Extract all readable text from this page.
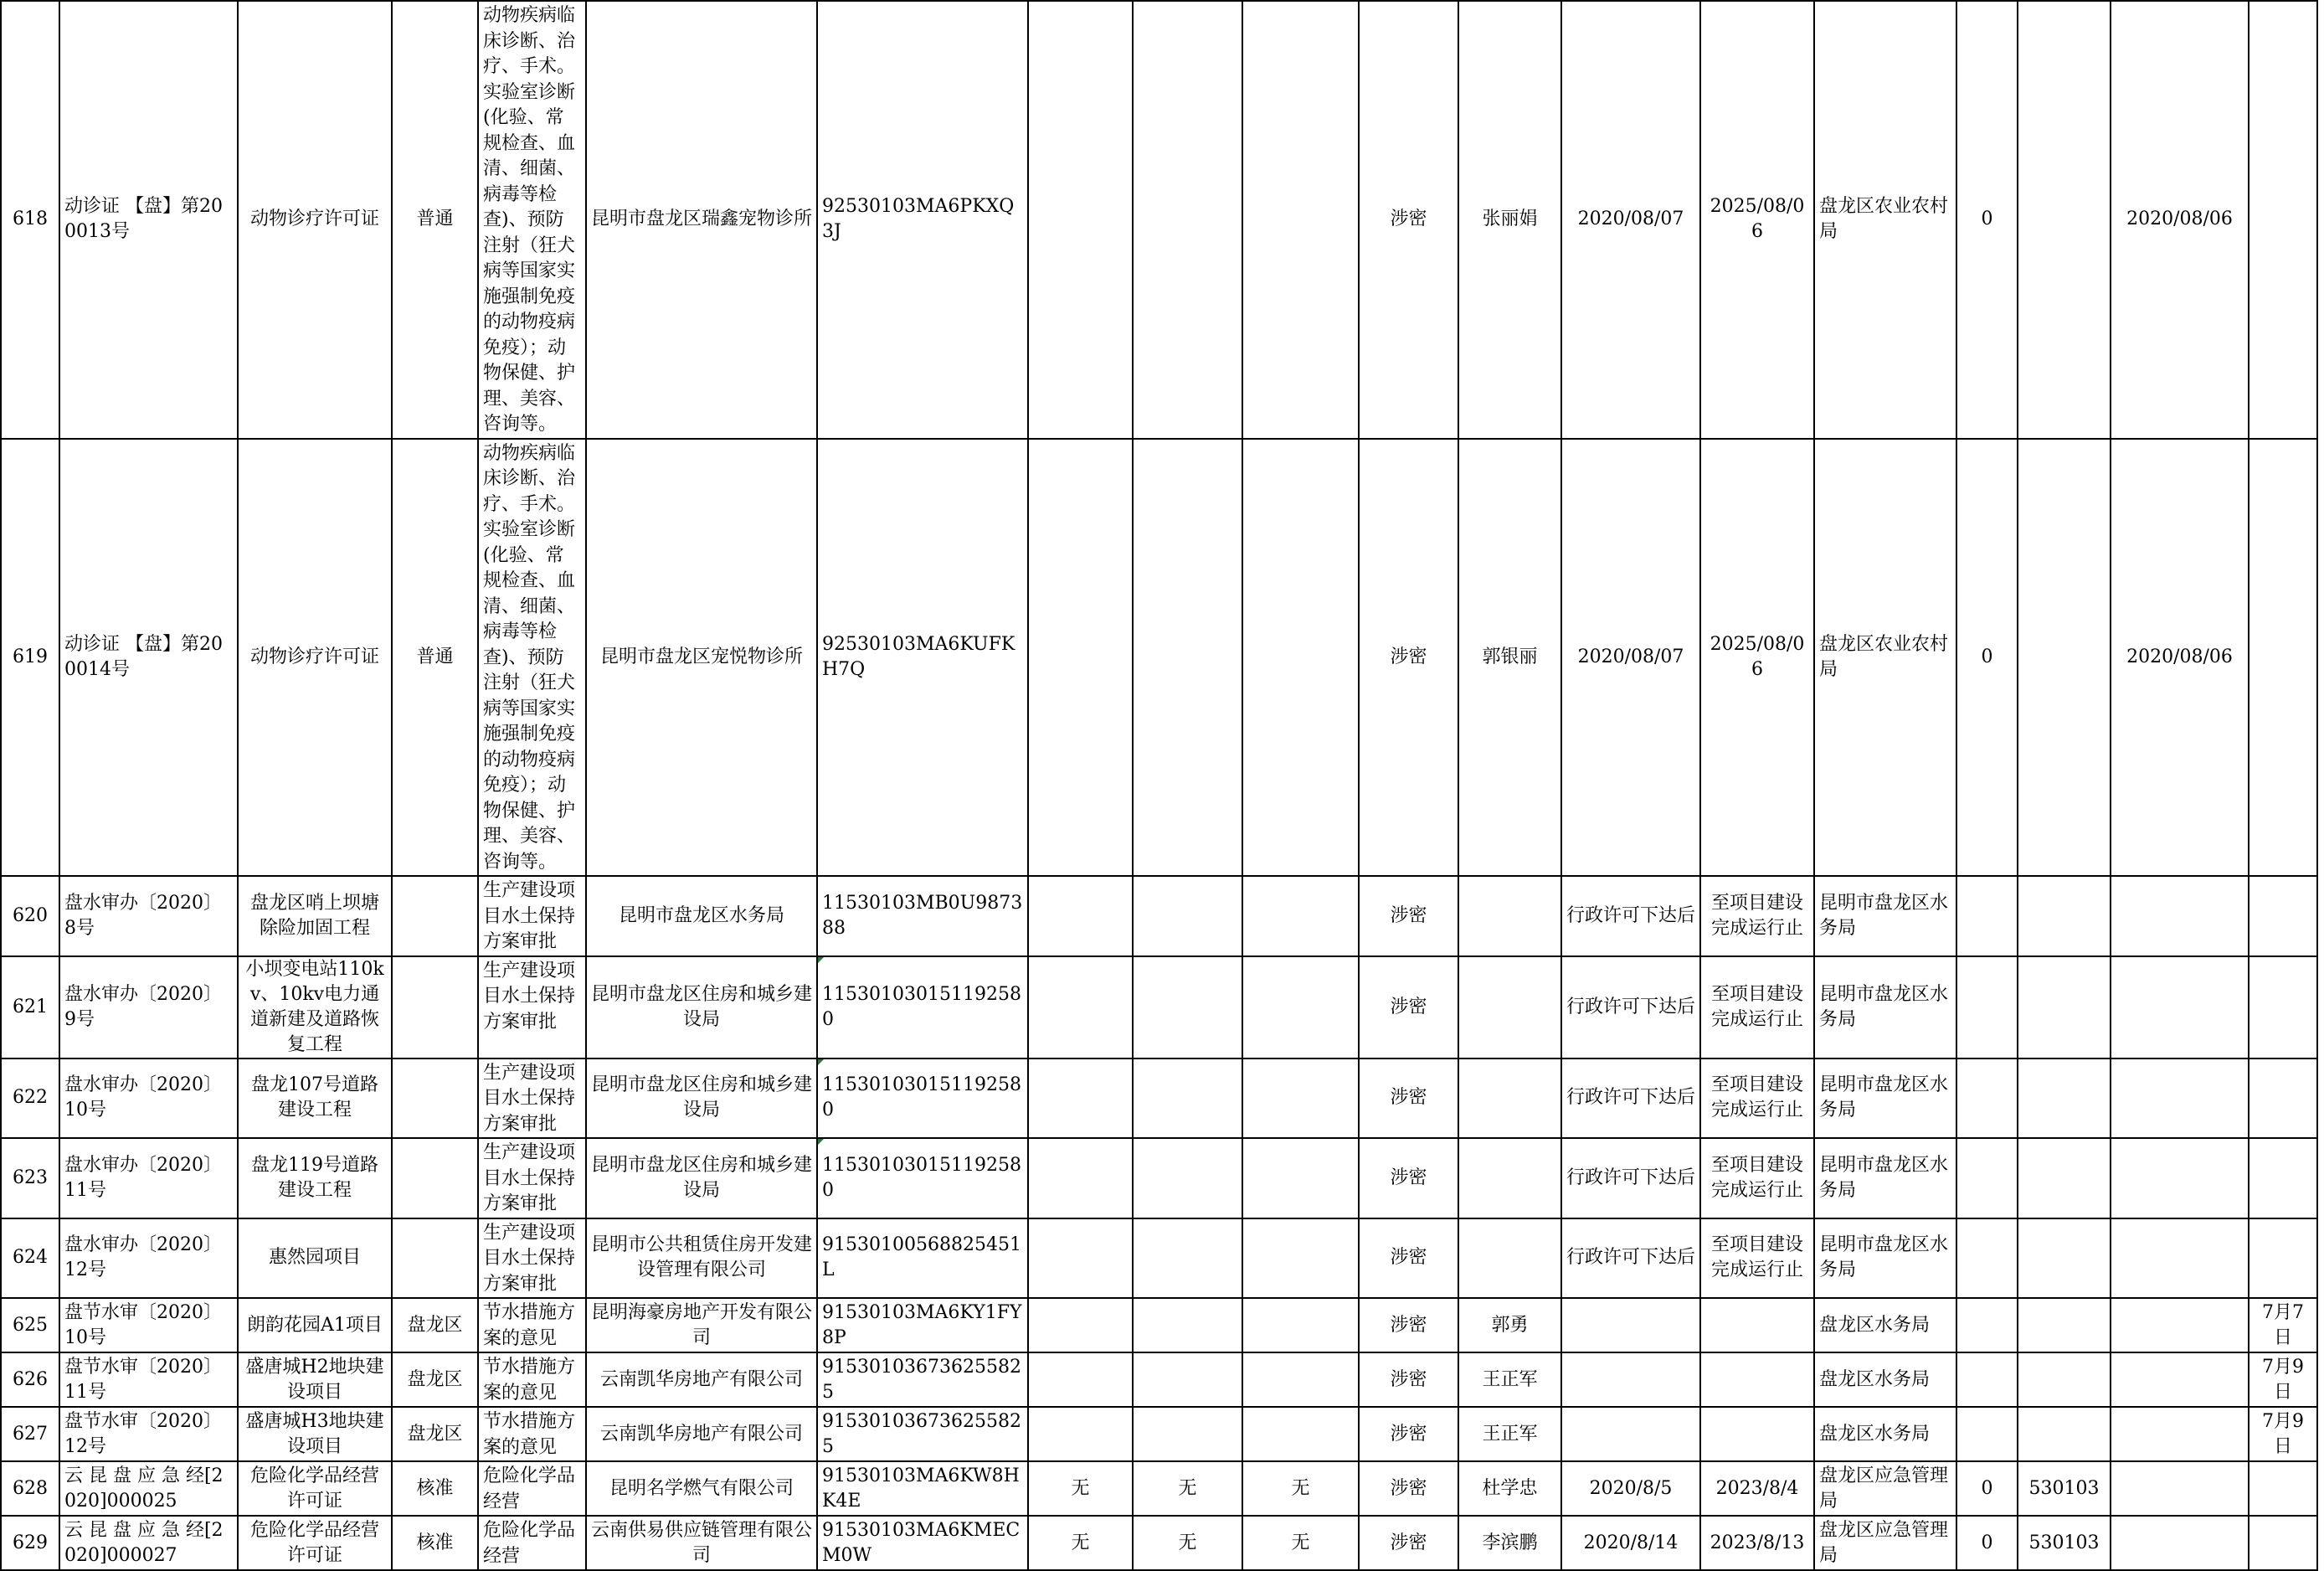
618	动诊证 【盘】第200013号	动物诊疗许可证	普通	动物疾病临床诊断、治疗、手术。实验室诊断(化验、常规检查、血清、细菌、病毒等检查)、预防注射（狂犬病等国家实施强制免疫的动物疫病免疫）；动物保健、护理、美容、咨询等。	昆明市盘龙区瑞鑫宠物诊所	92530103MA6PKXQ3J				涉密	张丽娟	2020/08/07	2025/08/06	盘龙区农业农村局	0		2020/08/06	
619	动诊证 【盘】第200014号	动物诊疗许可证	普通	动物疾病临床诊断、治疗、手术。实验室诊断(化验、常规检查、血清、细菌、病毒等检查)、预防注射（狂犬病等国家实施强制免疫的动物疫病免疫）；动物保健、护理、美容、咨询等。	昆明市盘龙区宠悦物诊所	92530103MA6KUFKH7Q				涉密	郭银丽	2020/08/07	2025/08/06	盘龙区农业农村局	0		2020/08/06	
620	盘水审办〔2020〕8号	盘龙区哨上坝塘除险加固工程		生产建设项目水土保持方案审批	昆明市盘龙区水务局	11530103MB0U987388				涉密		行政许可下达后	至项目建设完成运行止	昆明市盘龙区水务局				
621	盘水审办〔2020〕9号	小坝变电站110kv、10kv电力通道新建及道路恢复工程		生产建设项目水土保持方案审批	昆明市盘龙区住房和城乡建设局	115301030151192580				涉密		行政许可下达后	至项目建设完成运行止	昆明市盘龙区水务局				
622	盘水审办〔2020〕10号	盘龙107号道路建设工程		生产建设项目水土保持方案审批	昆明市盘龙区住房和城乡建设局	115301030151192580				涉密		行政许可下达后	至项目建设完成运行止	昆明市盘龙区水务局				
623	盘水审办〔2020〕11号	盘龙119号道路建设工程		生产建设项目水土保持方案审批	昆明市盘龙区住房和城乡建设局	115301030151192580				涉密		行政许可下达后	至项目建设完成运行止	昆明市盘龙区水务局				
624	盘水审办〔2020〕12号	惠然园项目		生产建设项目水土保持方案审批	昆明市公共租赁住房开发建设管理有限公司	91530100568825451L				涉密		行政许可下达后	至项目建设完成运行止	昆明市盘龙区水务局				
625	盘节水审〔2020〕10号	朗韵花园A1项目	盘龙区	节水措施方案的意见	昆明海豪房地产开发有限公司	91530103MA6KY1FY8P				涉密	郭勇			盘龙区水务局				7月7日
626	盘节水审〔2020〕11号	盛唐城H2地块建设项目	盘龙区	节水措施方案的意见	云南凯华房地产有限公司	915301036736255825				涉密	王正军			盘龙区水务局				7月9日
627	盘节水审〔2020〕12号	盛唐城H3地块建设项目	盘龙区	节水措施方案的意见	云南凯华房地产有限公司	915301036736255825				涉密	王正军			盘龙区水务局				7月9日
628	云 昆 盘 应 急 经[2020]000025	危险化学品经营许可证	核准	危险化学品经营	昆明名学燃气有限公司	91530103MA6KW8HK4E	无	无	无	涉密	杜学忠	2020/8/5	2023/8/4	盘龙区应急管理局	0	530103		
629	云 昆 盘 应 急 经[2020]000027	危险化学品经营许可证	核准	危险化学品经营	云南供易供应链管理有限公司	91530103MA6KMECM0W	无	无	无	涉密	李滨鹏	2020/8/14	2023/8/13	盘龙区应急管理局	0	530103		
